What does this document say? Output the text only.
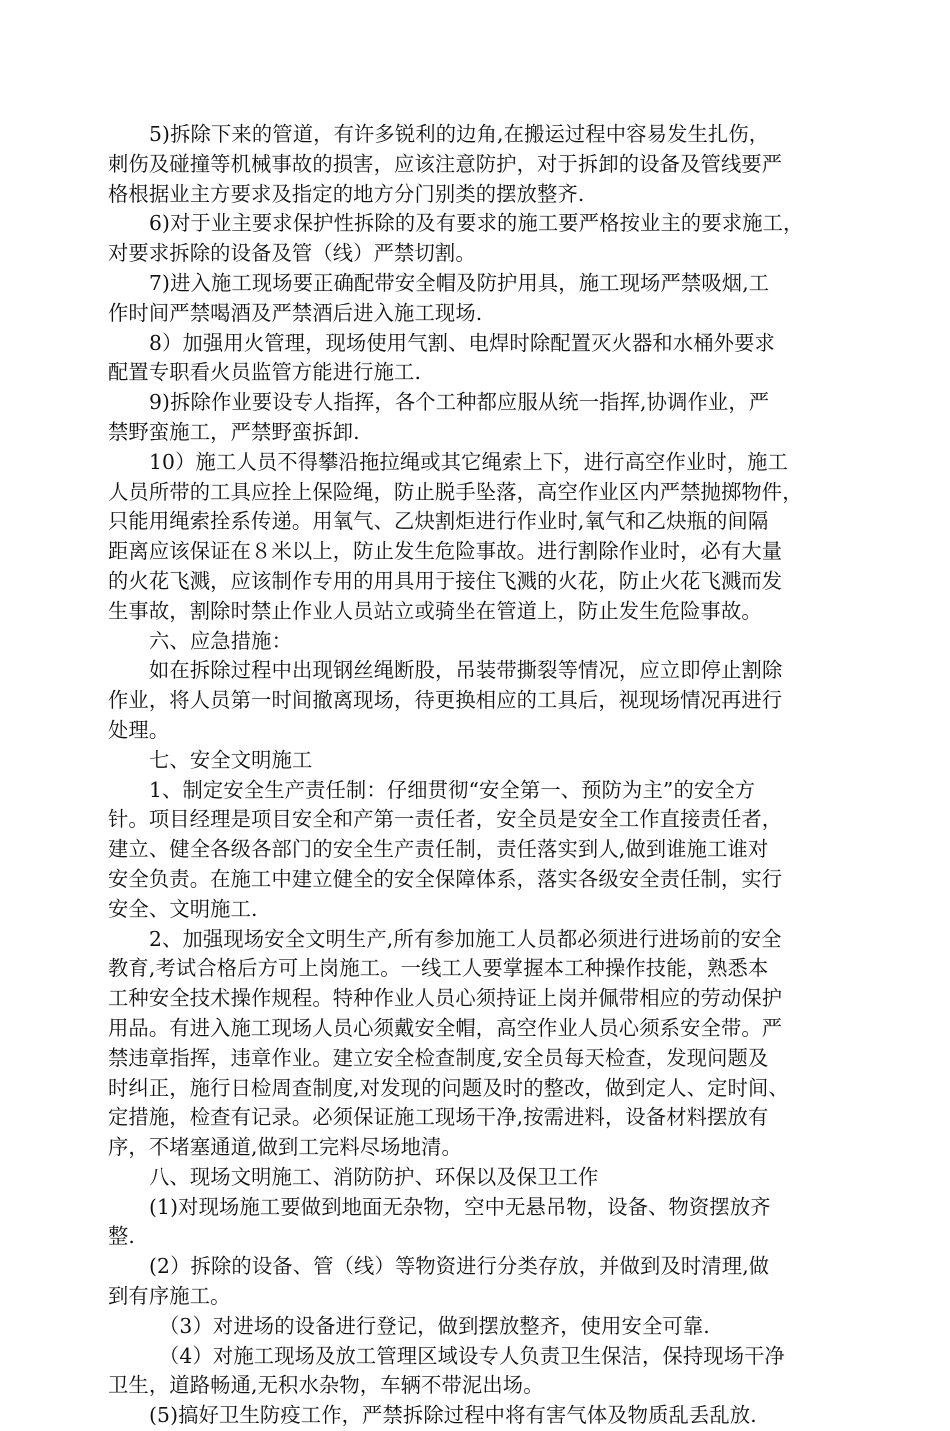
5)拆除下来的管道，有许多锐利的边角,在搬运过程中容易发生扎伤，
刺伤及碰撞等机械事故的损害，应该注意防护，对于拆卸的设备及管线要严
格根据业主方要求及指定的地方分门别类的摆放整齐.
6)对于业主要求保护性拆除的及有要求的施工要严格按业主的要求施工，
对要求拆除的设备及管（线）严禁切割。
7)进入施工现场要正确配带安全帽及防护用具，施工现场严禁吸烟,工
作时间严禁喝酒及严禁酒后进入施工现场.
8）加强用火管理，现场使用气割、电焊时除配置灭火器和水桶外要求
配置专职看火员监管方能进行施工.
9)拆除作业要设专人指挥，各个工种都应服从统一指挥,协调作业，严
禁野蛮施工，严禁野蛮拆卸.
10）施工人员不得攀沿拖拉绳或其它绳索上下，进行高空作业时，施工
人员所带的工具应拴上保险绳，防止脱手坠落，高空作业区内严禁抛掷物件，
只能用绳索拴系传递。用氧气、乙炔割炬进行作业时,氧气和乙炔瓶的间隔
距离应该保证在８米以上，防止发生危险事故。进行割除作业时，必有大量
的火花飞溅，应该制作专用的用具用于接住飞溅的火花，防止火花飞溅而发
生事故，割除时禁止作业人员站立或骑坐在管道上，防止发生危险事故。
六、应急措施：
如在拆除过程中出现钢丝绳断股，吊装带撕裂等情况，应立即停止割除
作业，将人员第一时间撤离现场，待更换相应的工具后，视现场情况再进行
处理。
七、安全文明施工
1、制定安全生产责任制：仔细贯彻“安全第一、预防为主”的安全方
针。项目经理是项目安全和产第一责任者，安全员是安全工作直接责任者，
建立、健全各级各部门的安全生产责任制，责任落实到人,做到谁施工谁对
安全负责。在施工中建立健全的安全保障体系，落实各级安全责任制，实行
安全、文明施工.
2、加强现场安全文明生产,所有参加施工人员都必须进行进场前的安全
教育,考试合格后方可上岗施工。一线工人要掌握本工种操作技能，熟悉本
工种安全技术操作规程。特种作业人员心须持证上岗并佩带相应的劳动保护
用品。有进入施工现场人员心须戴安全帽，高空作业人员心须系安全带。严
禁违章指挥，违章作业。建立安全检查制度,安全员每天检查，发现问题及
时纠正，施行日检周查制度,对发现的问题及时的整改，做到定人、定时间、
定措施，检查有记录。必须保证施工现场干净,按需进料，设备材料摆放有
序，不堵塞通道,做到工完料尽场地清。
八、现场文明施工、消防防护、环保以及保卫工作
(1)对现场施工要做到地面无杂物，空中无悬吊物，设备、物资摆放齐
整.
(2）拆除的设备、管（线）等物资进行分类存放，并做到及时清理,做
到有序施工。
（3）对进场的设备进行登记，做到摆放整齐，使用安全可靠.
（4）对施工现场及放工管理区域设专人负责卫生保洁，保持现场干净
卫生，道路畅通,无积水杂物，车辆不带泥出场。
(5)搞好卫生防疫工作，严禁拆除过程中将有害气体及物质乱丢乱放.
